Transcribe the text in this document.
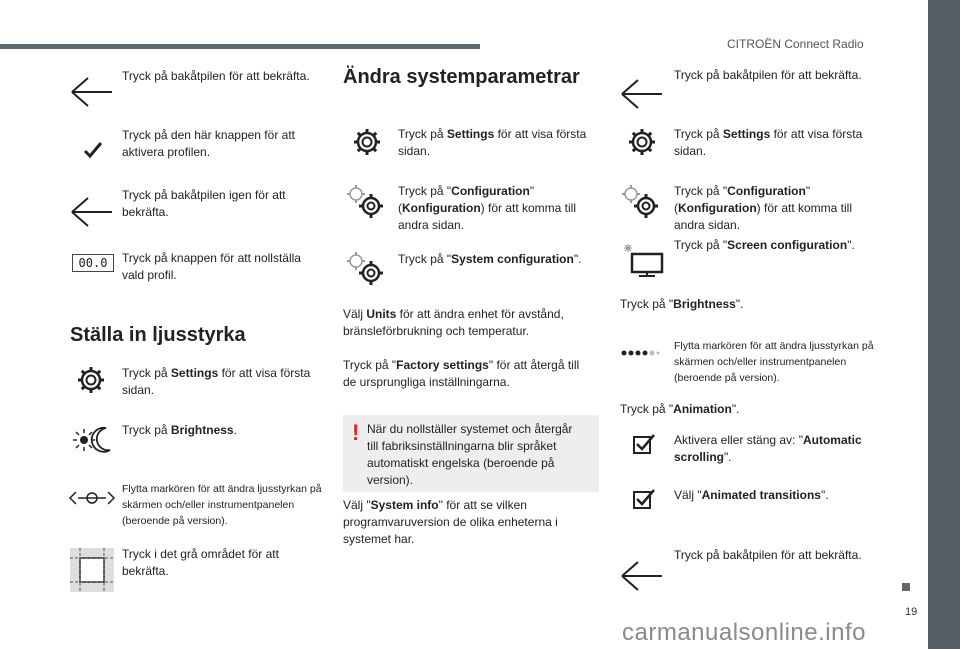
CITROËN Connect Radio
Tryck på bakåtpilen för att bekräfta.
Tryck på den här knappen för att aktivera profilen.
Tryck på bakåtpilen igen för att bekräfta.
00.0	Tryck på knappen för att nollställa vald profil.
Ställa in ljusstyrka
Tryck på Settings för att visa första sidan.
Tryck på Brightness.
Flytta markören för att ändra ljusstyrkan på skärmen och/eller instrumentpanelen (beroende på version).
Tryck i det grå området för att bekräfta.
Ändra systemparametrar
Tryck på Settings för att visa första sidan.
Tryck på "Configuration" (Konfiguration) för att komma till andra sidan.
Tryck på "System configuration".
Välj Units för att ändra enhet för avstånd, bränsleförbrukning och temperatur.
Tryck på "Factory settings" för att återgå till de ursprungliga inställningarna.
! När du nollställer systemet och återgår till fabriksinställningarna blir språket automatiskt engelska (beroende på version).
Välj "System info" för att se vilken programvaruversion de olika enheterna i systemet har.
Tryck på bakåtpilen för att bekräfta.
Tryck på Settings för att visa första sidan.
Tryck på "Configuration" (Konfiguration) för att komma till andra sidan.
Tryck på "Screen configuration".
Tryck på "Brightness".
Flytta markören för att ändra ljusstyrkan på skärmen och/eller instrumentpanelen (beroende på version).
Tryck på "Animation".
Aktivera eller stäng av: "Automatic scrolling".
Välj "Animated transitions".
Tryck på bakåtpilen för att bekräfta.
19
carmanualsonline.info
